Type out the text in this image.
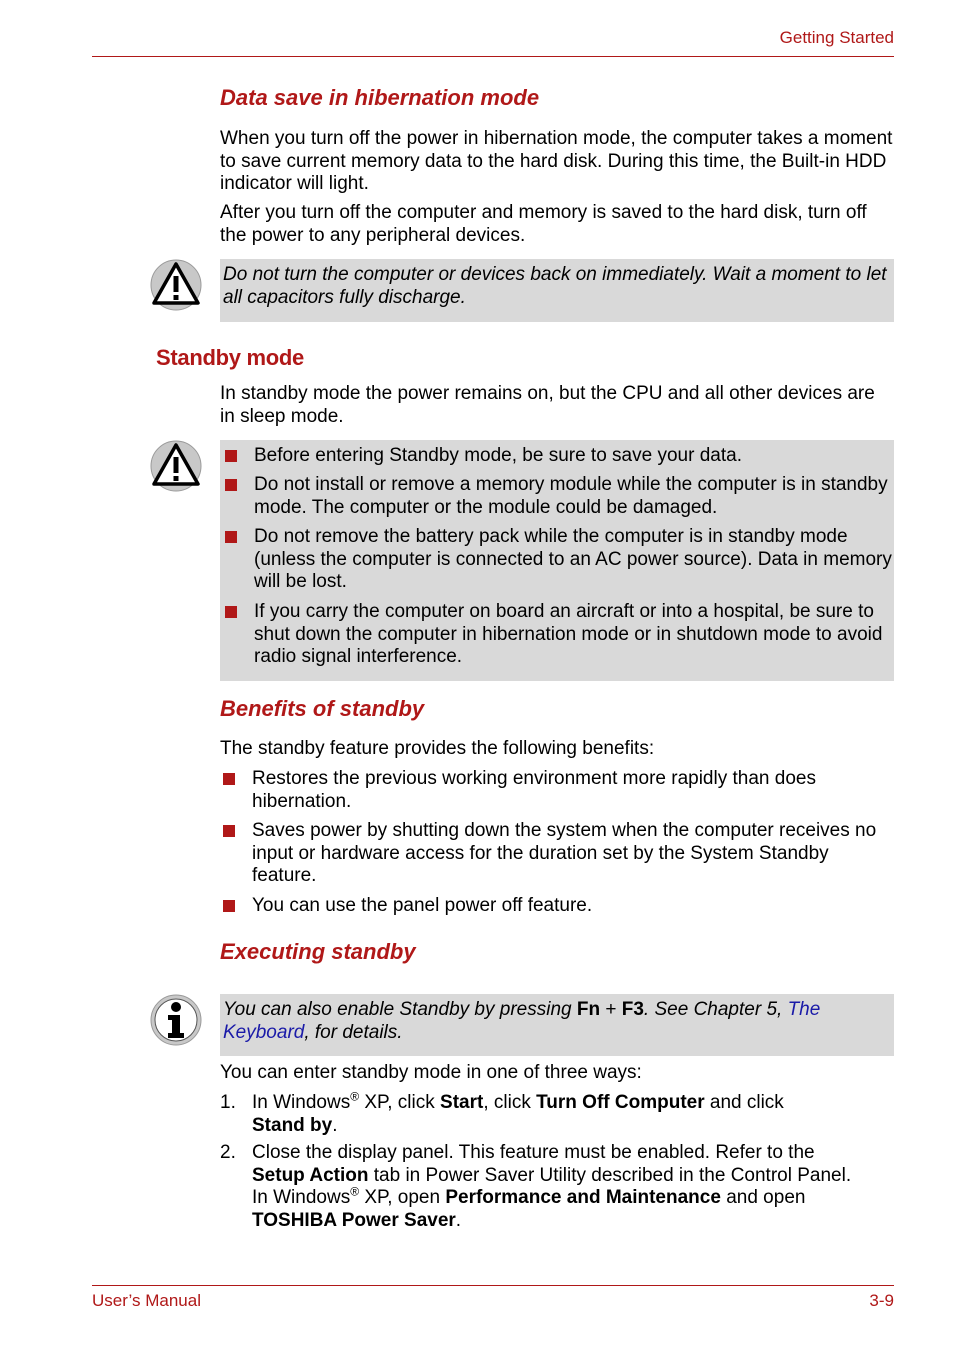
Getting Started
Data save in hibernation mode
When you turn off the power in hibernation mode, the computer takes a moment to save current memory data to the hard disk. During this time, the Built-in HDD indicator will light.
After you turn off the computer and memory is saved to the hard disk, turn off the power to any peripheral devices.
Do not turn the computer or devices back on immediately. Wait a moment to let all capacitors fully discharge.
Standby mode
In standby mode the power remains on, but the CPU and all other devices are in sleep mode.
Before entering Standby mode, be sure to save your data.
Do not install or remove a memory module while the computer is in standby mode. The computer or the module could be damaged.
Do not remove the battery pack while the computer is in standby mode (unless the computer is connected to an AC power source). Data in memory will be lost.
If you carry the computer on board an aircraft or into a hospital, be sure to shut down the computer in hibernation mode or in shutdown mode to avoid radio signal interference.
Benefits of standby
The standby feature provides the following benefits:
Restores the previous working environment more rapidly than does hibernation.
Saves power by shutting down the system when the computer receives no input or hardware access for the duration set by the System Standby feature.
You can use the panel power off feature.
Executing standby
You can also enable Standby by pressing Fn + F3. See Chapter 5, The
Keyboard, for details.
You can enter standby mode in one of three ways:
1. In Windows® XP, click Start, click Turn Off Computer and click
Stand by.
2. Close the display panel. This feature must be enabled. Refer to the
Setup Action tab in Power Saver Utility described in the Control Panel.
In Windows® XP, open Performance and Maintenance and open
TOSHIBA Power Saver.
User’s Manual	3-9
